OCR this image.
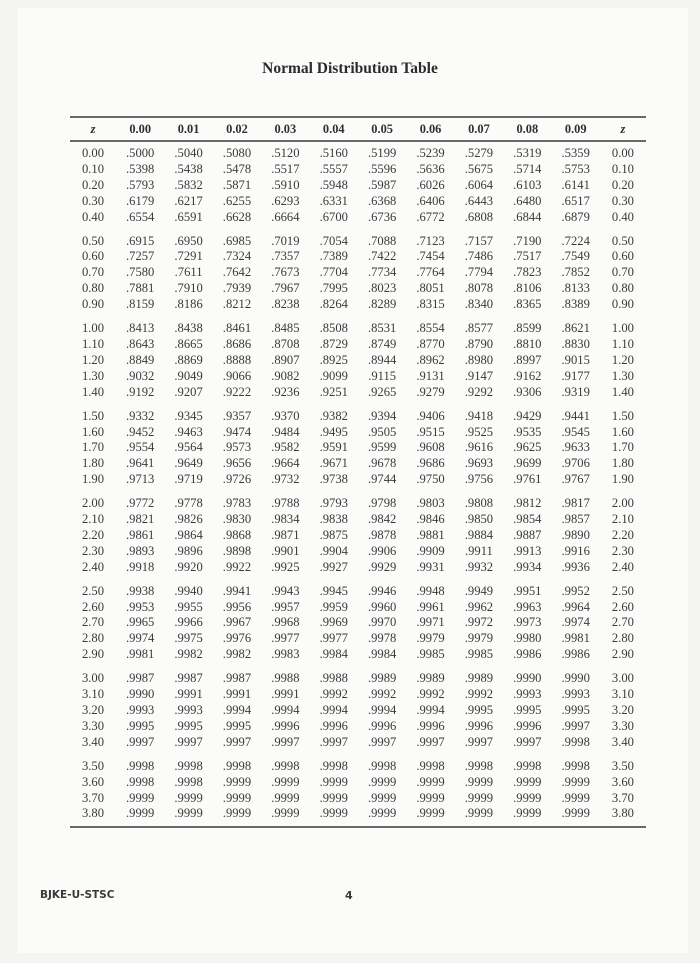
Normal Distribution Table
z	0.00	0.01	0.02	0.03	0.04	0.05	0.06	0.07	0.08	0.09	z
0.00	.5000	.5040	.5080	.5120	.5160	.5199	.5239	.5279	.5319	.5359	0.00
0.10	.5398	.5438	.5478	.5517	.5557	.5596	.5636	.5675	.5714	.5753	0.10
0.20	.5793	.5832	.5871	.5910	.5948	.5987	.6026	.6064	.6103	.6141	0.20
0.30	.6179	.6217	.6255	.6293	.6331	.6368	.6406	.6443	.6480	.6517	0.30
0.40	.6554	.6591	.6628	.6664	.6700	.6736	.6772	.6808	.6844	.6879	0.40
0.50	.6915	.6950	.6985	.7019	.7054	.7088	.7123	.7157	.7190	.7224	0.50
0.60	.7257	.7291	.7324	.7357	.7389	.7422	.7454	.7486	.7517	.7549	0.60
0.70	.7580	.7611	.7642	.7673	.7704	.7734	.7764	.7794	.7823	.7852	0.70
0.80	.7881	.7910	.7939	.7967	.7995	.8023	.8051	.8078	.8106	.8133	0.80
0.90	.8159	.8186	.8212	.8238	.8264	.8289	.8315	.8340	.8365	.8389	0.90
1.00	.8413	.8438	.8461	.8485	.8508	.8531	.8554	.8577	.8599	.8621	1.00
1.10	.8643	.8665	.8686	.8708	.8729	.8749	.8770	.8790	.8810	.8830	1.10
1.20	.8849	.8869	.8888	.8907	.8925	.8944	.8962	.8980	.8997	.9015	1.20
1.30	.9032	.9049	.9066	.9082	.9099	.9115	.9131	.9147	.9162	.9177	1.30
1.40	.9192	.9207	.9222	.9236	.9251	.9265	.9279	.9292	.9306	.9319	1.40
1.50	.9332	.9345	.9357	.9370	.9382	.9394	.9406	.9418	.9429	.9441	1.50
1.60	.9452	.9463	.9474	.9484	.9495	.9505	.9515	.9525	.9535	.9545	1.60
1.70	.9554	.9564	.9573	.9582	.9591	.9599	.9608	.9616	.9625	.9633	1.70
1.80	.9641	.9649	.9656	.9664	.9671	.9678	.9686	.9693	.9699	.9706	1.80
1.90	.9713	.9719	.9726	.9732	.9738	.9744	.9750	.9756	.9761	.9767	1.90
2.00	.9772	.9778	.9783	.9788	.9793	.9798	.9803	.9808	.9812	.9817	2.00
2.10	.9821	.9826	.9830	.9834	.9838	.9842	.9846	.9850	.9854	.9857	2.10
2.20	.9861	.9864	.9868	.9871	.9875	.9878	.9881	.9884	.9887	.9890	2.20
2.30	.9893	.9896	.9898	.9901	.9904	.9906	.9909	.9911	.9913	.9916	2.30
2.40	.9918	.9920	.9922	.9925	.9927	.9929	.9931	.9932	.9934	.9936	2.40
2.50	.9938	.9940	.9941	.9943	.9945	.9946	.9948	.9949	.9951	.9952	2.50
2.60	.9953	.9955	.9956	.9957	.9959	.9960	.9961	.9962	.9963	.9964	2.60
2.70	.9965	.9966	.9967	.9968	.9969	.9970	.9971	.9972	.9973	.9974	2.70
2.80	.9974	.9975	.9976	.9977	.9977	.9978	.9979	.9979	.9980	.9981	2.80
2.90	.9981	.9982	.9982	.9983	.9984	.9984	.9985	.9985	.9986	.9986	2.90
3.00	.9987	.9987	.9987	.9988	.9988	.9989	.9989	.9989	.9990	.9990	3.00
3.10	.9990	.9991	.9991	.9991	.9992	.9992	.9992	.9992	.9993	.9993	3.10
3.20	.9993	.9993	.9994	.9994	.9994	.9994	.9994	.9995	.9995	.9995	3.20
3.30	.9995	.9995	.9995	.9996	.9996	.9996	.9996	.9996	.9996	.9997	3.30
3.40	.9997	.9997	.9997	.9997	.9997	.9997	.9997	.9997	.9997	.9998	3.40
3.50	.9998	.9998	.9998	.9998	.9998	.9998	.9998	.9998	.9998	.9998	3.50
3.60	.9998	.9998	.9999	.9999	.9999	.9999	.9999	.9999	.9999	.9999	3.60
3.70	.9999	.9999	.9999	.9999	.9999	.9999	.9999	.9999	.9999	.9999	3.70
3.80	.9999	.9999	.9999	.9999	.9999	.9999	.9999	.9999	.9999	.9999	3.80
BJKE-U-STSC	4
